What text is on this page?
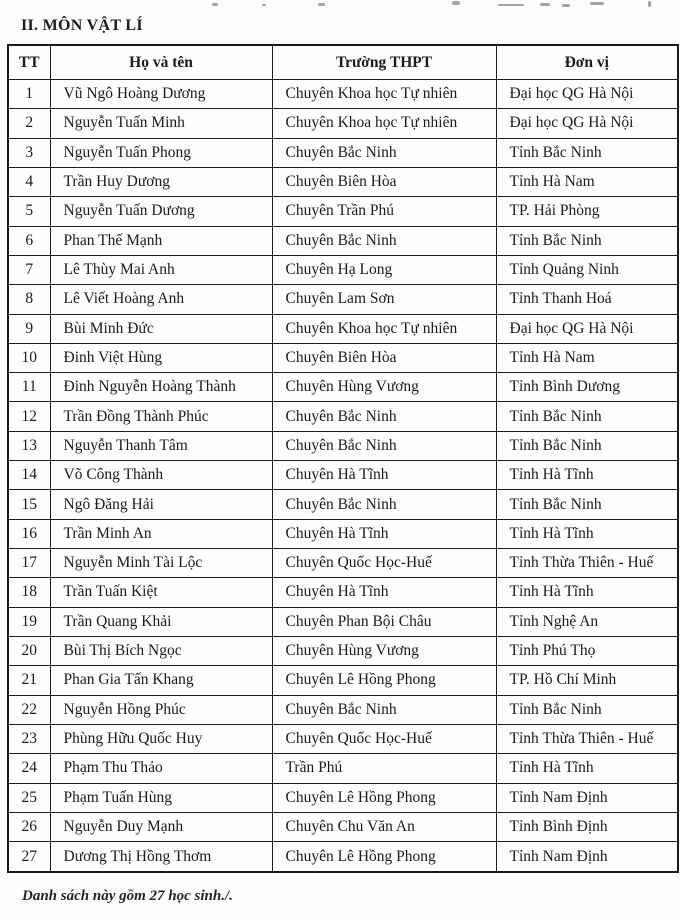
II. MÔN VẬT LÍ
TT	Họ và tên	Trường THPT	Đơn vị
1	Vũ Ngô Hoàng Dương	Chuyên Khoa học Tự nhiên	Đại học QG Hà Nội
2	Nguyễn Tuấn Minh	Chuyên Khoa học Tự nhiên	Đại học QG Hà Nội
3	Nguyễn Tuấn Phong	Chuyên Bắc Ninh	Tỉnh Bắc Ninh
4	Trần Huy Dương	Chuyên Biên Hòa	Tỉnh Hà Nam
5	Nguyễn Tuấn Dương	Chuyên Trần Phú	TP. Hải Phòng
6	Phan Thế Mạnh	Chuyên Bắc Ninh	Tỉnh Bắc Ninh
7	Lê Thùy Mai Anh	Chuyên Hạ Long	Tỉnh Quảng Ninh
8	Lê Viết Hoàng Anh	Chuyên Lam Sơn	Tỉnh Thanh Hoá
9	Bùi Minh Đức	Chuyên Khoa học Tự nhiên	Đại học QG Hà Nội
10	Đinh Việt Hùng	Chuyên Biên Hòa	Tỉnh Hà Nam
11	Đinh Nguyễn Hoàng Thành	Chuyên Hùng Vương	Tỉnh Bình Dương
12	Trần Đồng Thành Phúc	Chuyên Bắc Ninh	Tỉnh Bắc Ninh
13	Nguyễn Thanh Tâm	Chuyên Bắc Ninh	Tỉnh Bắc Ninh
14	Võ Công Thành	Chuyên Hà Tĩnh	Tỉnh Hà Tĩnh
15	Ngô Đăng Hải	Chuyên Bắc Ninh	Tỉnh Bắc Ninh
16	Trần Minh An	Chuyên Hà Tĩnh	Tỉnh Hà Tĩnh
17	Nguyễn Minh Tài Lộc	Chuyên Quốc Học-Huế	Tỉnh Thừa Thiên - Huế
18	Trần Tuấn Kiệt	Chuyên Hà Tĩnh	Tỉnh Hà Tĩnh
19	Trần Quang Khải	Chuyên Phan Bội Châu	Tỉnh Nghệ An
20	Bùi Thị Bích Ngọc	Chuyên Hùng Vương	Tỉnh Phú Thọ
21	Phan Gia Tấn Khang	Chuyên Lê Hồng Phong	TP. Hồ Chí Minh
22	Nguyễn Hồng Phúc	Chuyên Bắc Ninh	Tỉnh Bắc Ninh
23	Phùng Hữu Quốc Huy	Chuyên Quốc Học-Huế	Tỉnh Thừa Thiên - Huế
24	Phạm Thu Thảo	Trần Phú	Tỉnh Hà Tĩnh
25	Phạm Tuấn Hùng	Chuyên Lê Hồng Phong	Tỉnh Nam Định
26	Nguyễn Duy Mạnh	Chuyên Chu Văn An	Tỉnh Bình Định
27	Dương Thị Hồng Thơm	Chuyên Lê Hồng Phong	Tỉnh Nam Định
Danh sách này gồm 27 học sinh./.
